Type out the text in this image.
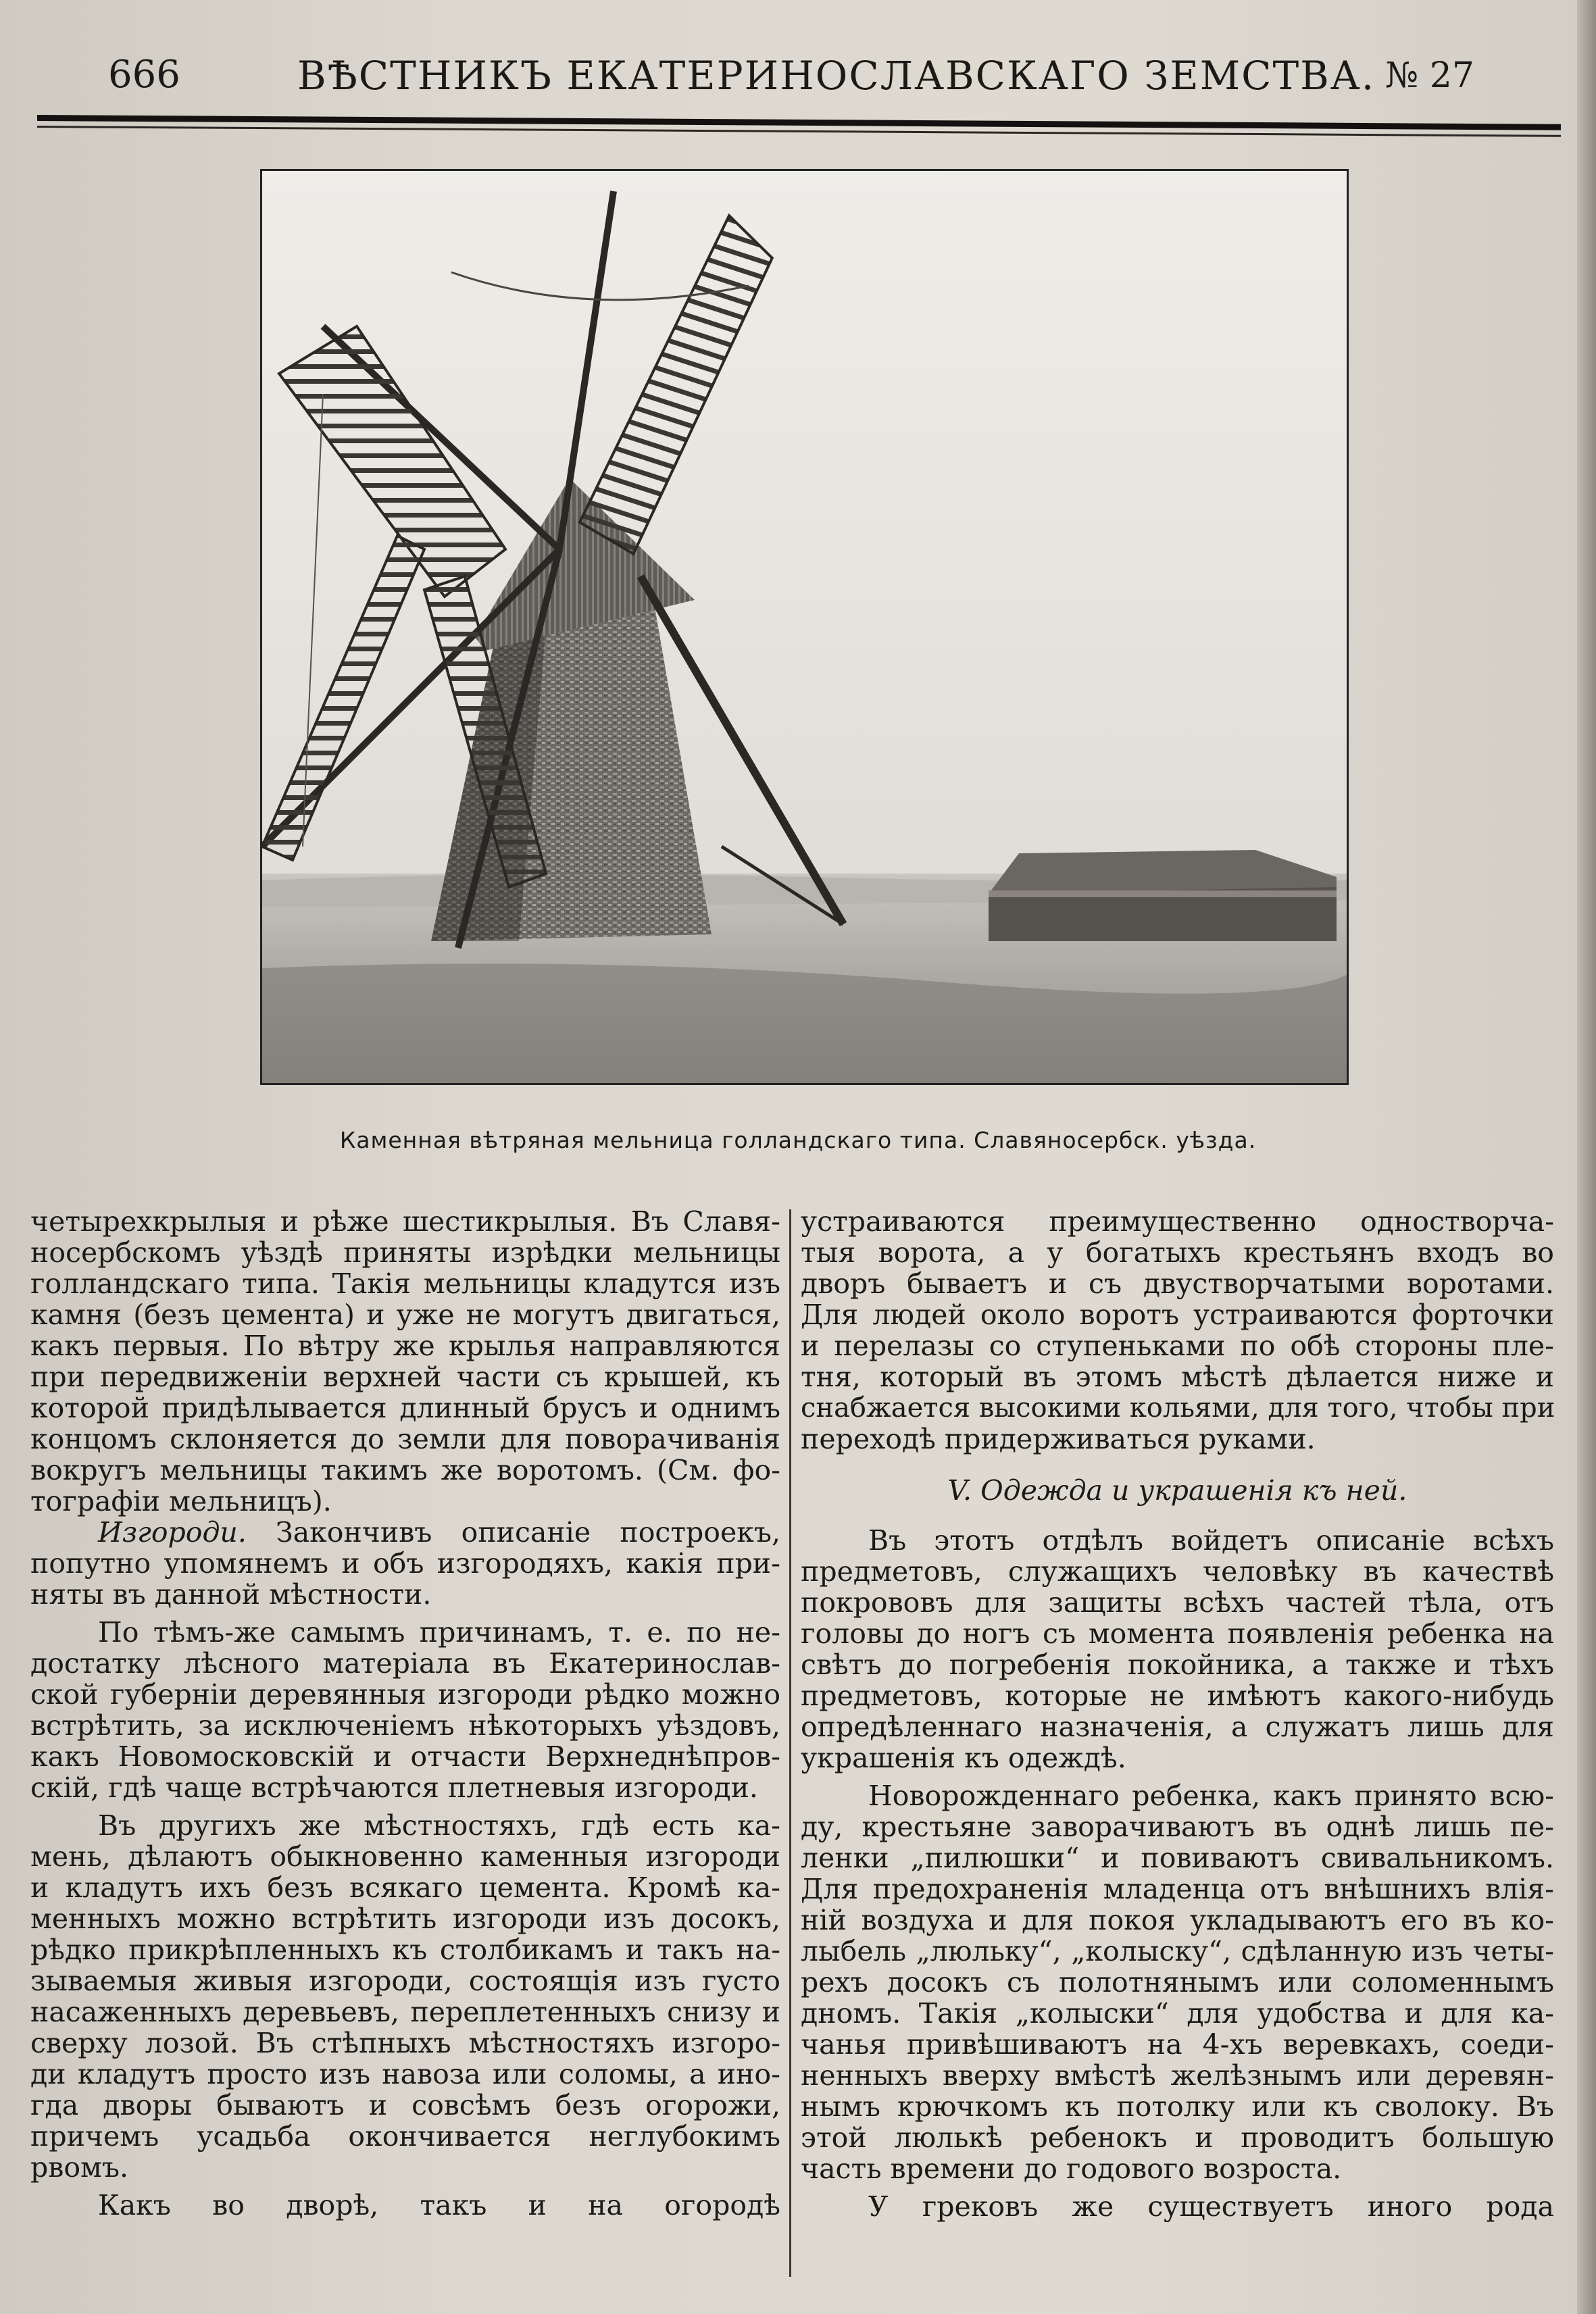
666	ВѢСТНИКЪ ЕКАТЕРИНОСЛАВСКАГО ЗЕМСТВА. № 27
Каменная вѣтряная мельница голландскаго типа. Славяносербск. уѣзда.

четырехкрылыя и рѣже шестикрылыя. Въ Славя-
носербскомъ уѣздѣ приняты изрѣдки мельницы
голландскаго типа. Такія мельницы кладутся изъ
камня (безъ цемента) и уже не могутъ двигаться,
какъ первыя. По вѣтру же крылья направляются
при передвиженіи верхней части съ крышей, къ
которой придѣлывается длинный брусъ и однимъ
концомъ склоняется до земли для поворачиванія
вокругъ мельницы такимъ же воротомъ. (См. фо-
тографіи мельницъ).

Изгороди. Закончивъ описаніе построекъ,
попутно упомянемъ и объ изгородяхъ, какія при-
няты въ данной мѣстности.

По тѣмъ-же самымъ причинамъ, т. е. по не-
достатку лѣсного матеріала въ Екатеринослав-
ской губерніи деревянныя изгороди рѣдко можно
встрѣтить, за исключеніемъ нѣкоторыхъ уѣздовъ,
какъ Новомосковскій и отчасти Верхнеднѣпров-
скій, гдѣ чаще встрѣчаются плетневыя изгороди.

Въ другихъ же мѣстностяхъ, гдѣ есть ка-
мень, дѣлаютъ обыкновенно каменныя изгороди
и кладутъ ихъ безъ всякаго цемента. Кромѣ ка-
менныхъ можно встрѣтить изгороди изъ досокъ,
рѣдко прикрѣпленныхъ къ столбикамъ и такъ на-
зываемыя живыя изгороди, состоящія изъ густо
насаженныхъ деревьевъ, переплетенныхъ снизу и
сверху лозой. Въ стѣпныхъ мѣстностяхъ изгоро-
ди кладутъ просто изъ навоза или соломы, а ино-
гда дворы бываютъ и совсѣмъ безъ огорожи,
причемъ усадьба окончивается неглубокимъ
рвомъ.

Какъ во дворѣ, такъ и на огородѣ

устраиваются преимущественно одностворча-
тыя ворота, а у богатыхъ крестьянъ входъ во
дворъ бываетъ и съ двустворчатыми воротами.
Для людей около воротъ устраиваются форточки
и перелазы со ступеньками по обѣ стороны пле-
тня, который въ этомъ мѣстѣ дѣлается ниже и
снабжается высокими кольями, для того, чтобы при
переходѣ придерживаться руками.

V. Одежда и украшенія къ ней.

Въ этотъ отдѣлъ войдетъ описаніе всѣхъ
предметовъ, служащихъ человѣку въ качествѣ
покрововъ для защиты всѣхъ частей тѣла, отъ
головы до ногъ съ момента появленія ребенка на
свѣтъ до погребенія покойника, а также и тѣхъ
предметовъ, которые не имѣютъ какого-нибудь
опредѣленнаго назначенія, а служатъ лишь для
украшенія къ одеждѣ.

Новорожденнаго ребенка, какъ принято всю-
ду, крестьяне заворачиваютъ въ однѣ лишь пе-
ленки „пилюшки“ и повиваютъ свивальникомъ.
Для предохраненія младенца отъ внѣшнихъ влія-
ній воздуха и для покоя укладываютъ его въ ко-
лыбель „люльку“, „колыску“, сдѣланную изъ четы-
рехъ досокъ съ полотнянымъ или соломеннымъ
дномъ. Такія „колыски“ для удобства и для ка-
чанья привѣшиваютъ на 4-хъ веревкахъ, соеди-
ненныхъ вверху вмѣстѣ желѣзнымъ или деревян-
нымъ крючкомъ къ потолку или къ сволоку. Въ
этой люлькѣ ребенокъ и проводитъ большую
часть времени до годового возроста.

У грековъ же существуетъ иного рода
